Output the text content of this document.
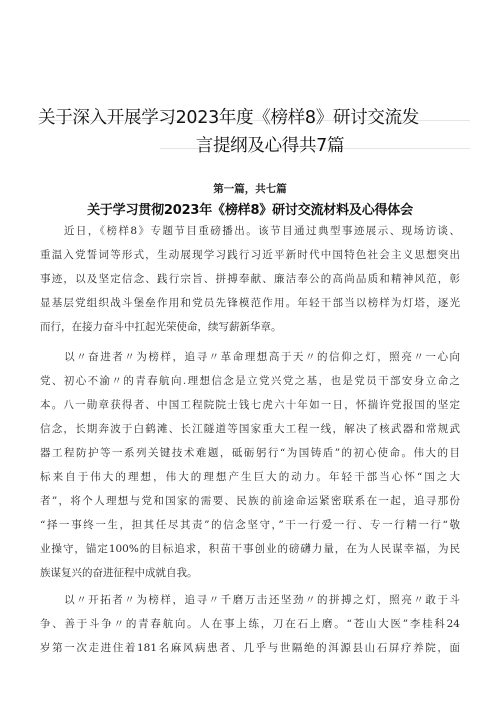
关于深入开展学习2023年度《榜样8》研讨交流发
言提纲及心得共7篇
第一篇，共七篇
关于学习贯彻2023年《榜样8》研讨交流材料及心得体会
　　近日，《榜样8》专题节目重磅播出。该节目通过典型事迹展示、现场访谈、
重温入党誓词等形式，生动展现学习践行习近平新时代中国特色社会主义思想突出
事迹，以及坚定信念、践行宗旨、拼搏奉献、廉洁奉公的高尚品质和精神风范，彰
显基层党组织战斗堡垒作用和党员先锋模范作用。年轻干部当以榜样为灯塔，逐光
而行，在接力奋斗中扛起光荣使命，续写薪新华章。
　　以〃奋进者〃为榜样，追寻〃革命理想高于天〃的信仰之灯，照亮〃一心向
党、初心不渝〃的青春航向.理想信念是立党兴党之基，也是党员干部安身立命之
本。八一勋章获得者、中国工程院院士钱七虎六十年如一日，怀揣许党报国的坚定
信念，长期奔波于白鹤滩、长江隧道等国家重大工程一线，解决了核武器和常规武
器工程防护等一系列关键技术难题，砥砺躬行“为国铸盾”的初心使命。伟大的目
标来自于伟大的理想，伟大的理想产生巨大的动力。年轻干部当心怀“国之大
者”，将个人理想与党和国家的需要、民族的前途命运紧密联系在一起，追寻那份
“择一事终一生，担其任尽其责”的信念坚守，”干一行爱一行、专一行精一行“敬
业操守，锚定100%的目标追求，积苗干事创业的磅礴力量，在为人民谋幸福，为民
族谋复兴的奋进征程中成就自我。
　　以〃开拓者〃为榜样，追寻〃千磨万击还坚劲〃的拼搏之灯，照亮〃敢于斗
争、善于斗争〃的青春航向。人在事上练，刀在石上磨。“苍山大医”李桂科24
岁第一次走进住着181名麻风病患者、几乎与世隔绝的洱源县山石屏疗养院，面
